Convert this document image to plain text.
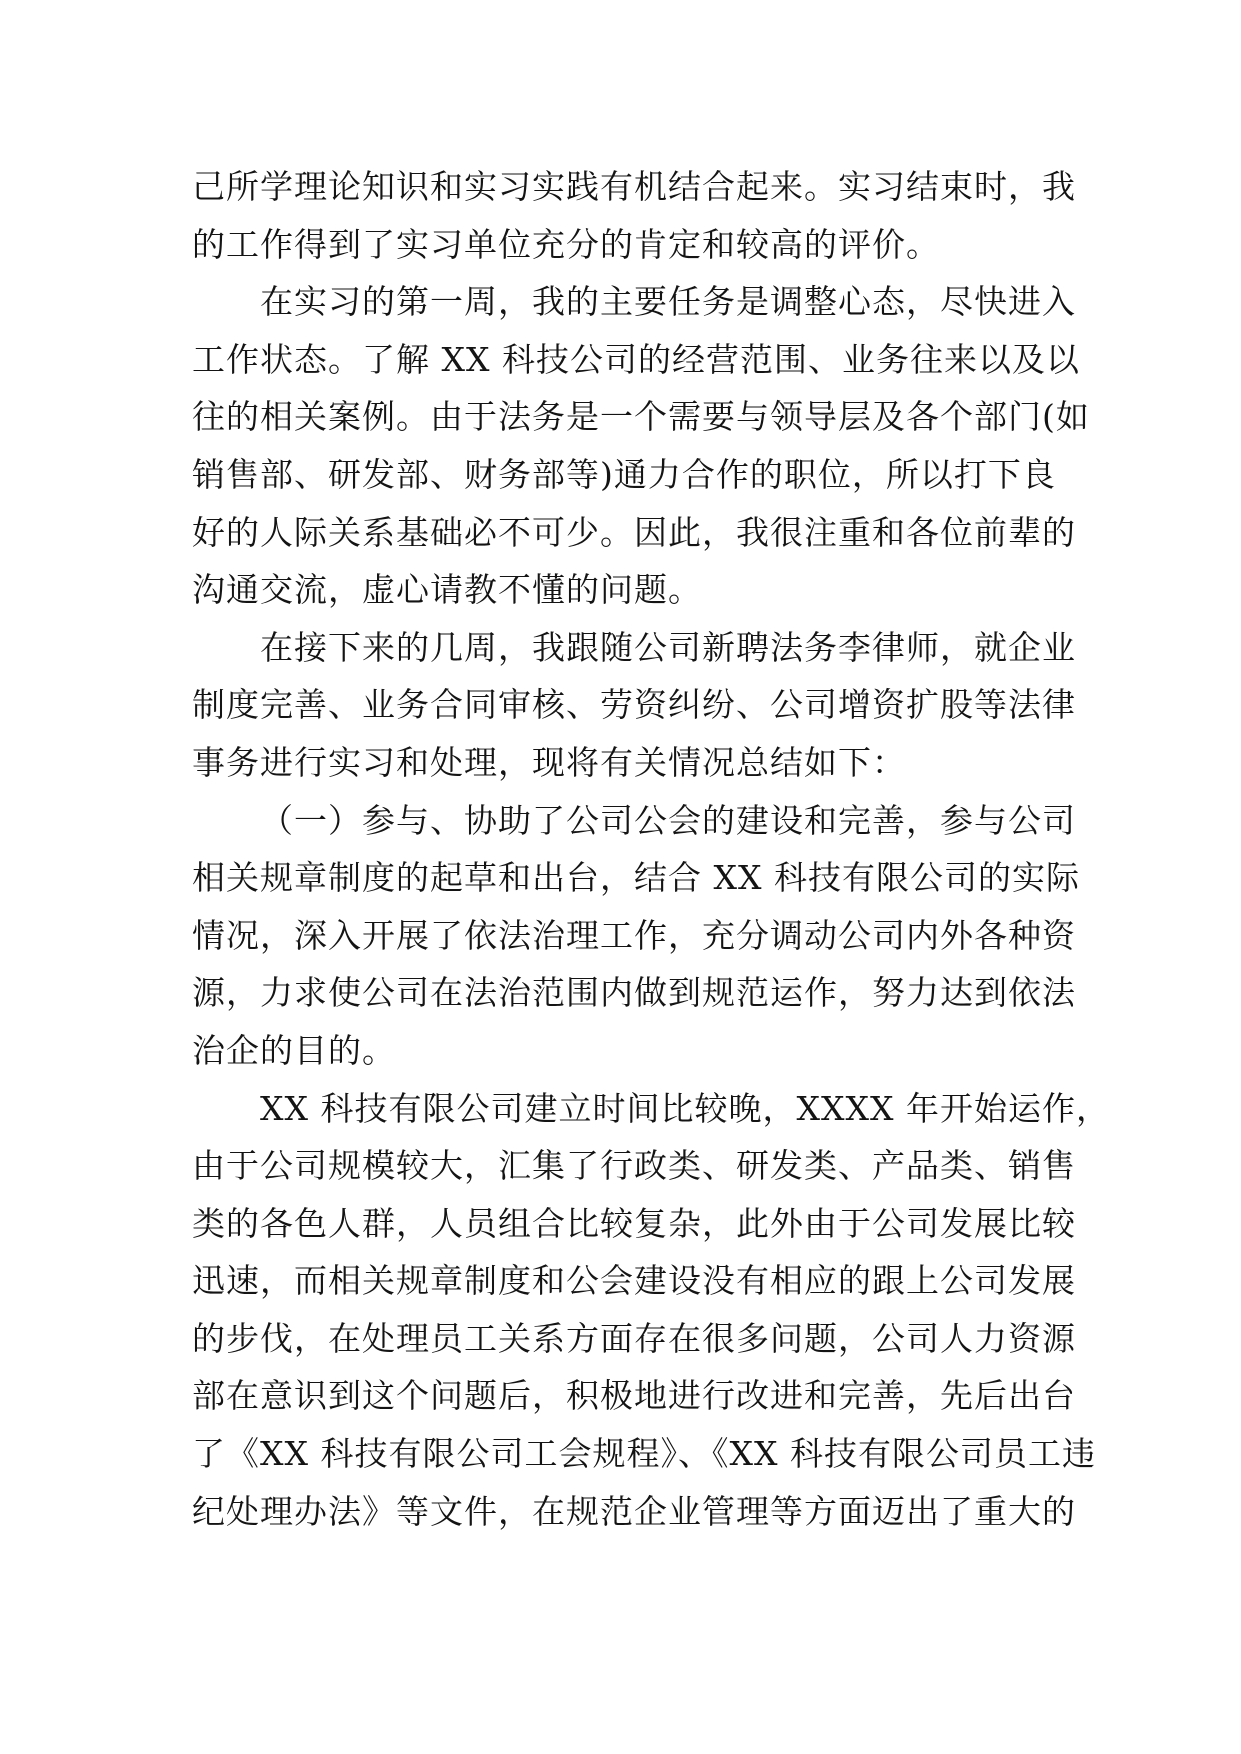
己所学理论知识和实习实践有机结合起来。实习结束时，我
的工作得到了实习单位充分的肯定和较高的评价。
在实习的第一周，我的主要任务是调整心态，尽快进入
工作状态。了解 XX 科技公司的经营范围、业务往来以及以
往的相关案例。由于法务是一个需要与领导层及各个部门(如
销售部、研发部、财务部等)通力合作的职位，所以打下良
好的人际关系基础必不可少。因此，我很注重和各位前辈的
沟通交流，虚心请教不懂的问题。
在接下来的几周，我跟随公司新聘法务李律师，就企业
制度完善、业务合同审核、劳资纠纷、公司增资扩股等法律
事务进行实习和处理，现将有关情况总结如下：
（一）参与、协助了公司公会的建设和完善，参与公司
相关规章制度的起草和出台，结合 XX 科技有限公司的实际
情况，深入开展了依法治理工作，充分调动公司内外各种资
源，力求使公司在法治范围内做到规范运作，努力达到依法
治企的目的。
XX 科技有限公司建立时间比较晚，XXXX 年开始运作，
由于公司规模较大，汇集了行政类、研发类、产品类、销售
类的各色人群，人员组合比较复杂，此外由于公司发展比较
迅速，而相关规章制度和公会建设没有相应的跟上公司发展
的步伐，在处理员工关系方面存在很多问题，公司人力资源
部在意识到这个问题后，积极地进行改进和完善，先后出台
了《XX 科技有限公司工会规程》、《XX 科技有限公司员工违
纪处理办法》等文件，在规范企业管理等方面迈出了重大的
